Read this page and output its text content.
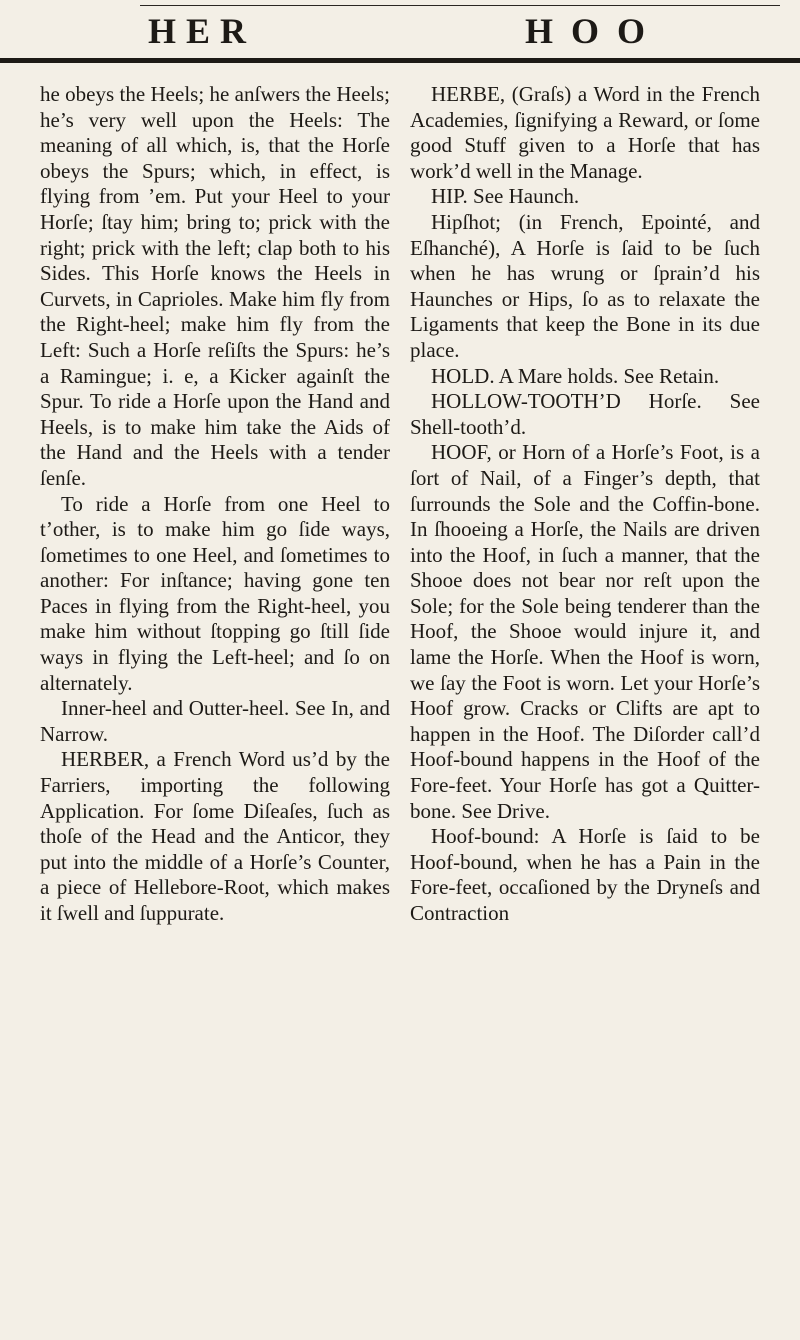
HER	HOO

he obeys the Heels; he anſwers the Heels; he’s very well upon the Heels: The meaning of all which, is, that the Horſe obeys the Spurs; which, in effect, is flying from ’em. Put your Heel to your Horſe; ſtay him; bring to; prick with the right; prick with the left; clap both to his Sides. This Horſe knows the Heels in Curvets, in Caprioles. Make him fly from the Right-heel; make him fly from the Left: Such a Horſe reſiſts the Spurs: he’s a Ramingue; i. e, a Kicker againſt the Spur. To ride a Horſe upon the Hand and Heels, is to make him take the Aids of the Hand and the Heels with a tender ſenſe.

To ride a Horſe from one Heel to t’other, is to make him go ſide ways, ſometimes to one Heel, and ſometimes to another: For inſtance; having gone ten Paces in flying from the Right-heel, you make him without ſtopping go ſtill ſide ways in flying the Left-heel; and ſo on alternately.

Inner-heel and Outter-heel. See In, and Narrow.

HERBER, a French Word us’d by the Farriers, importing the following Application. For ſome Diſeaſes, ſuch as thoſe of the Head and the Anticor, they put into the middle of a Horſe’s Counter, a piece of Hellebore-Root, which makes it ſwell and ſuppurate.

HERBE, (Graſs) a Word in the French Academies, ſignifying a Reward, or ſome good Stuff given to a Horſe that has work’d well in the Manage.

HIP. See Haunch.

Hipſhot; (in French, Epointé, and Eſhanché), A Horſe is ſaid to be ſuch when he has wrung or ſprain’d his Haunches or Hips, ſo as to relaxate the Ligaments that keep the Bone in its due place.

HOLD. A Mare holds. See Retain.

HOLLOW-TOOTH’D Horſe. See Shell-tooth’d.

HOOF, or Horn of a Horſe’s Foot, is a ſort of Nail, of a Finger’s depth, that ſurrounds the Sole and the Coffin-bone. In ſhooeing a Horſe, the Nails are driven into the Hoof, in ſuch a manner, that the Shooe does not bear nor reſt upon the Sole; for the Sole being tenderer than the Hoof, the Shooe would injure it, and lame the Horſe. When the Hoof is worn, we ſay the Foot is worn. Let your Horſe’s Hoof grow. Cracks or Clifts are apt to happen in the Hoof. The Diſorder call’d Hoof-bound happens in the Hoof of the Fore-feet. Your Horſe has got a Quitter-bone. See Drive.

Hoof-bound: A Horſe is ſaid to be Hoof-bound, when he has a Pain in the Fore-feet, occaſioned by the Dryneſs and Contraction
